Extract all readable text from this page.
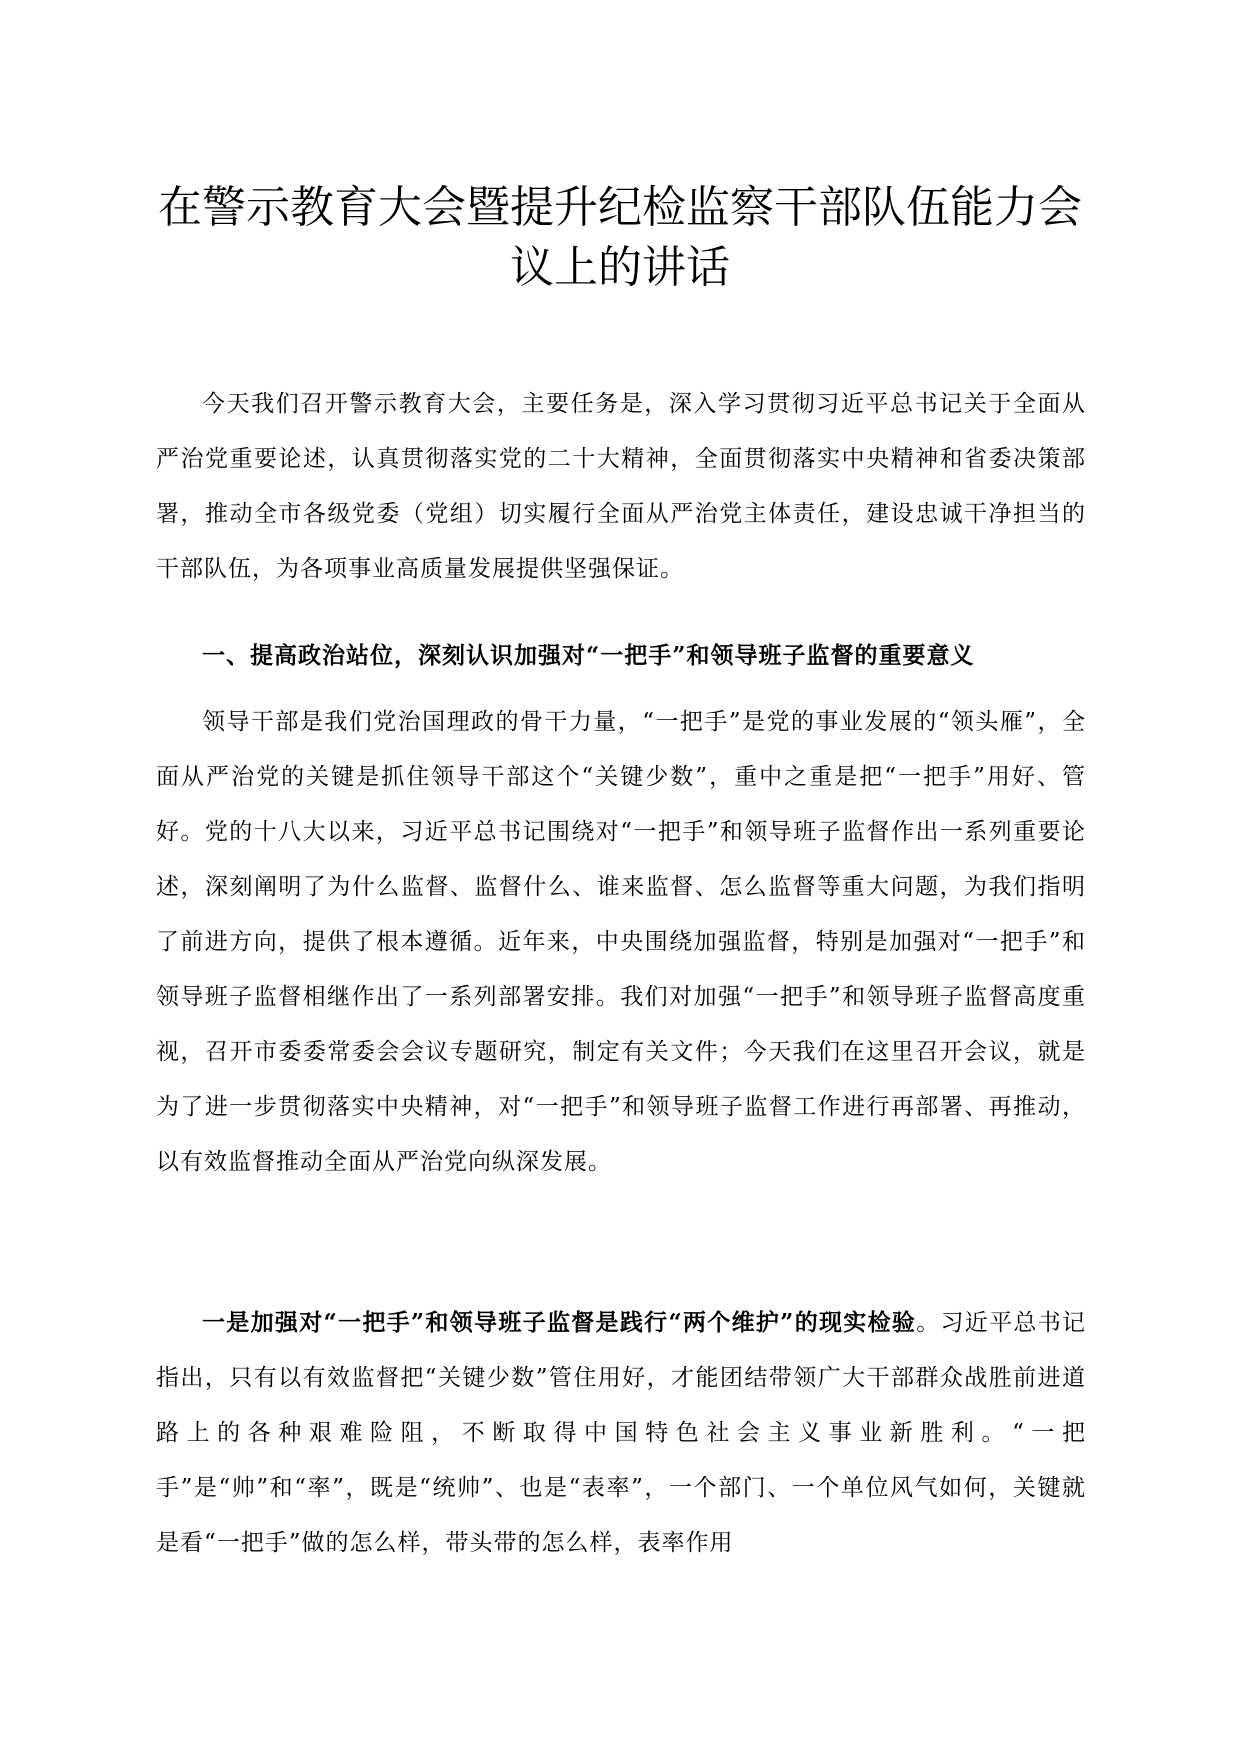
在警示教育大会暨提升纪检监察干部队伍能力会议上的讲话

今天我们召开警示教育大会，主要任务是，深入学习贯彻习近平总书记关于全面从严治党重要论述，认真贯彻落实党的二十大精神，全面贯彻落实中央精神和省委决策部署，推动全市各级党委（党组）切实履行全面从严治党主体责任，建设忠诚干净担当的干部队伍，为各项事业高质量发展提供坚强保证。

一、提高政治站位，深刻认识加强对“一把手”和领导班子监督的重要意义

领导干部是我们党治国理政的骨干力量，“一把手”是党的事业发展的“领头雁”，全面从严治党的关键是抓住领导干部这个“关键少数”，重中之重是把“一把手”用好、管好。党的十八大以来，习近平总书记围绕对“一把手”和领导班子监督作出一系列重要论述，深刻阐明了为什么监督、监督什么、谁来监督、怎么监督等重大问题，为我们指明了前进方向，提供了根本遵循。近年来，中央围绕加强监督，特别是加强对“一把手”和领导班子监督相继作出了一系列部署安排。我们对加强“一把手”和领导班子监督高度重视，召开市委委常委会会议专题研究，制定有关文件；今天我们在这里召开会议，就是为了进一步贯彻落实中央精神，对“一把手”和领导班子监督工作进行再部署、再推动，以有效监督推动全面从严治党向纵深发展。

一是加强对“一把手”和领导班子监督是践行“两个维护”的现实检验。习近平总书记指出，只有以有效监督把“关键少数”管住用好，才能团结带领广大干部群众战胜前进道路上的各种艰难险阻，不断取得中国特色社会主义事业新胜利。“一把手”是“帅”和“率”，既是“统帅”、也是“表率”，一个部门、一个单位风气如何，关键就是看“一把手”做的怎么样，带头带的怎么样，表率作用
